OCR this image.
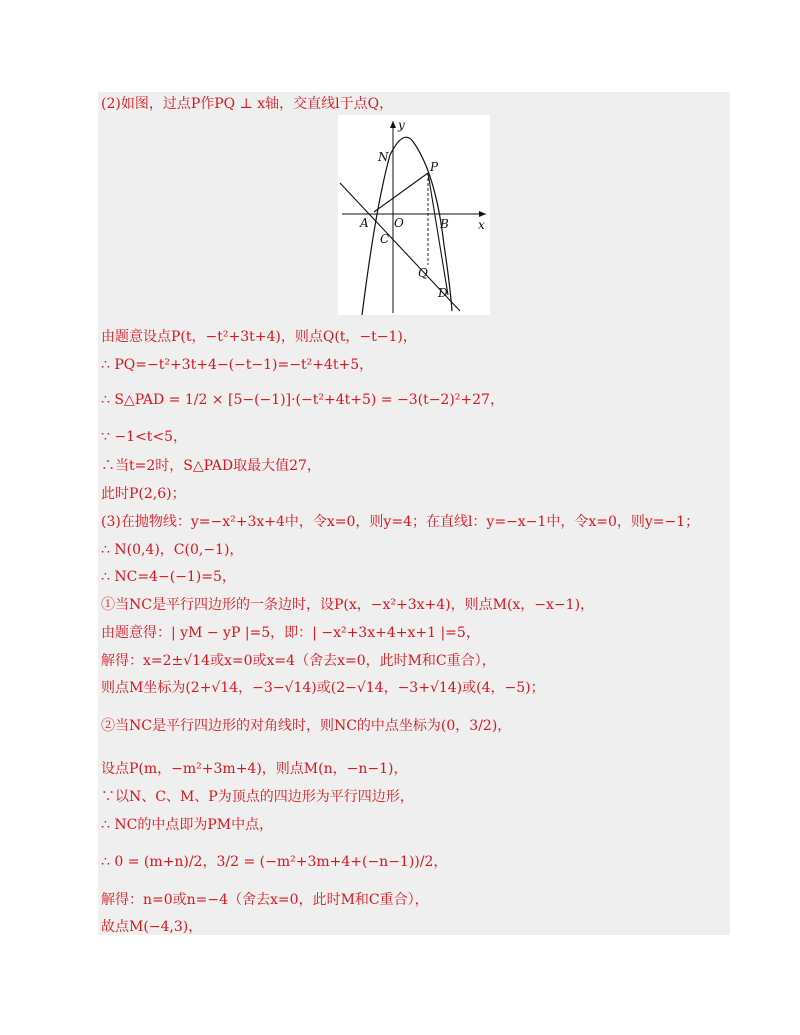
(2)如图，过点P作PQ ⊥ x轴，交直线l于点Q，
y
x
N
P
O
A	B
C
Q
D
由题意设点P(t，−t²+3t+4)，则点Q(t，−t−1)，
∴ PQ=−t²+3t+4−(−t−1)=−t²+4t+5，
∴ S△PAD = 1/2 × [5−(−1)]·(−t²+4t+5) = −3(t−2)²+27，
∵ −1<t<5，
∴当t=2时，S△PAD取最大值27，
此时P(2,6)；
(3)在抛物线：y=−x²+3x+4中，令x=0，则y=4；在直线l：y=−x−1中，令x=0，则y=−1；
∴ N(0,4)，C(0,−1)，
∴ NC=4−(−1)=5，
①当NC是平行四边形的一条边时，设P(x，−x²+3x+4)，则点M(x，−x−1)，
由题意得：| yM − yP |=5，即：| −x²+3x+4+x+1 |=5，
解得：x=2±√14或x=0或x=4（舍去x=0，此时M和C重合），
则点M坐标为(2+√14，−3−√14)或(2−√14，−3+√14)或(4，−5)；
②当NC是平行四边形的对角线时，则NC的中点坐标为(0，3/2)，
设点P(m，−m²+3m+4)，则点M(n，−n−1)，
∵以N、C、M、P为顶点的四边形为平行四边形，
∴ NC的中点即为PM中点，
∴ 0 = (m+n)/2，3/2 = (−m²+3m+4+(−n−1))/2，
解得：n=0或n=−4（舍去x=0，此时M和C重合），
故点M(−4,3)，
